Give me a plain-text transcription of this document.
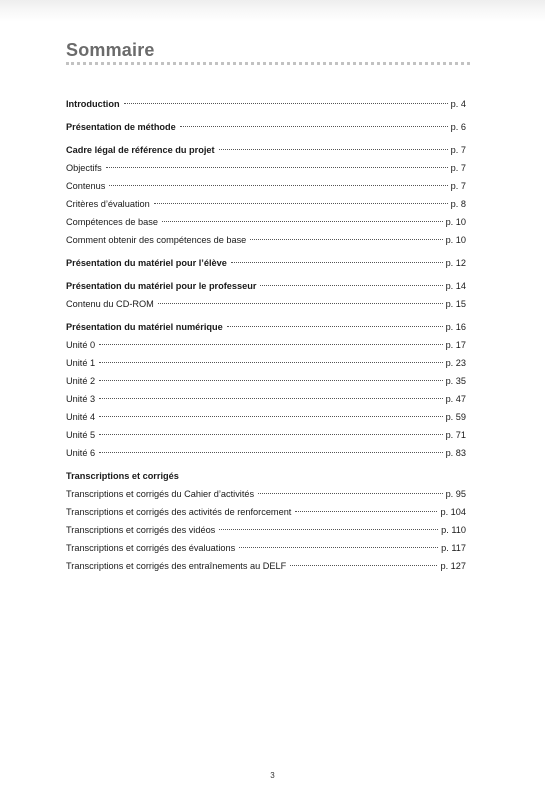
Sommaire
Introduction	p. 4
Présentation de méthode	p. 6
Cadre légal de référence du projet	p. 7
Objectifs	p. 7
Contenus	p. 7
Critères d’évaluation	p. 8
Compétences de base	p. 10
Comment obtenir des compétences de base	p. 10
Présentation du matériel pour l’élève	p. 12
Présentation du matériel pour le professeur	p. 14
Contenu du CD-ROM	p. 15
Présentation du matériel numérique	p. 16
Unité 0	p. 17
Unité 1	p. 23
Unité 2	p. 35
Unité 3	p. 47
Unité 4	p. 59
Unité 5	p. 71
Unité 6	p. 83
Transcriptions et corrigés
Transcriptions et corrigés du Cahier d’activités	p. 95
Transcriptions et corrigés des activités de renforcement	p. 104
Transcriptions et corrigés des vidéos	p. 110
Transcriptions et corrigés des évaluations	p. 117
Transcriptions et corrigés des entraînements au DELF	p. 127
3
